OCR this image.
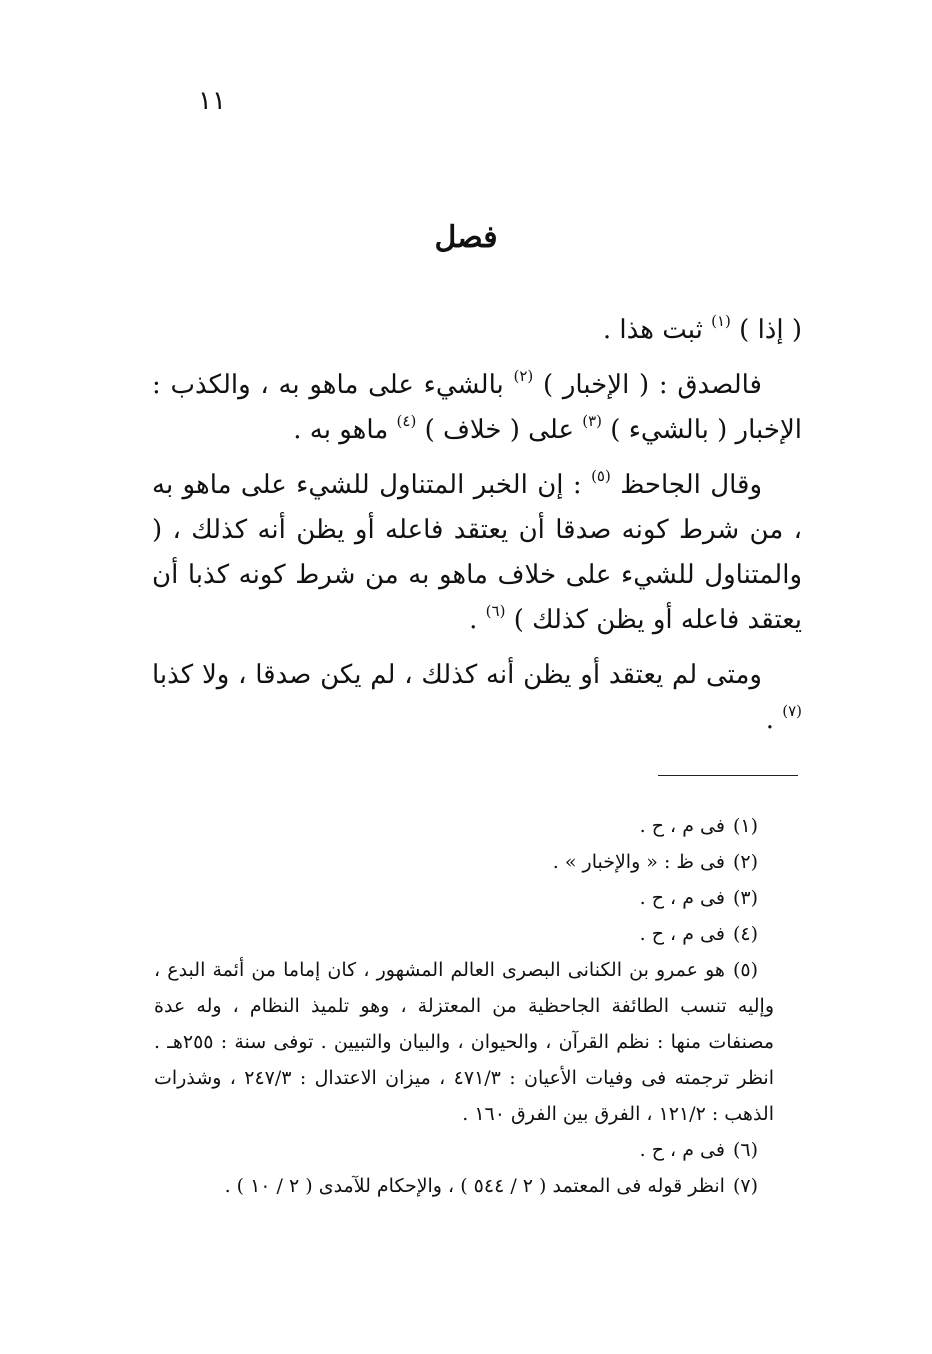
١١
فصل

( إذا ) $^{(١)}$ ثبت هذا .

فالصدق : ( الإخبار ) $^{(٢)}$ بالشيء على ماهو به ، والكذب : الإخبار ( بالشيء ) $^{(٣)}$ على ( خلاف ) $^{(٤)}$ ماهو به .

وقال الجاحظ $^{(٥)}$ : إن الخبر المتناول للشيء على ماهو به ، من شرط كونه صدقا أن يعتقد فاعله أو يظن أنه كذلك ، ( والمتناول للشيء على خلاف ماهو به من شرط كونه كذبا أن يعتقد فاعله أو يظن كذلك ) $^{(٦)}$ .

ومتى لم يعتقد أو يظن أنه كذلك ، لم يكن صدقا ، ولا كذبا $^{(٧)}$ .

(١)فى م ، ح .

(٢)فى ظ : « والإخبار » .

(٣)فى م ، ح .

(٤)فى م ، ح .

(٥)هو عمرو بن الكنانى البصرى العالم المشهور ، كان إماما من أئمة البدع ، وإليه تنسب الطائفة الجاحظية من المعتزلة ، وهو تلميذ النظام ، وله عدة مصنفات منها : نظم القرآن ، والحيوان ، والبيان والتبيين . توفى سنة : ٢٥٥هـ . انظر ترجمته فى وفيات الأعيان : ٤٧١/٣ ، ميزان الاعتدال : ٢٤٧/٣ ، وشذرات الذهب : ١٢١/٢ ، الفرق بين الفرق ١٦٠ .

(٦)فى م ، ح .

(٧)انظر قوله فى المعتمد ( ٢ / ٥٤٤ ) ، والإحكام للآمدى ( ٢ / ١٠ ) .
